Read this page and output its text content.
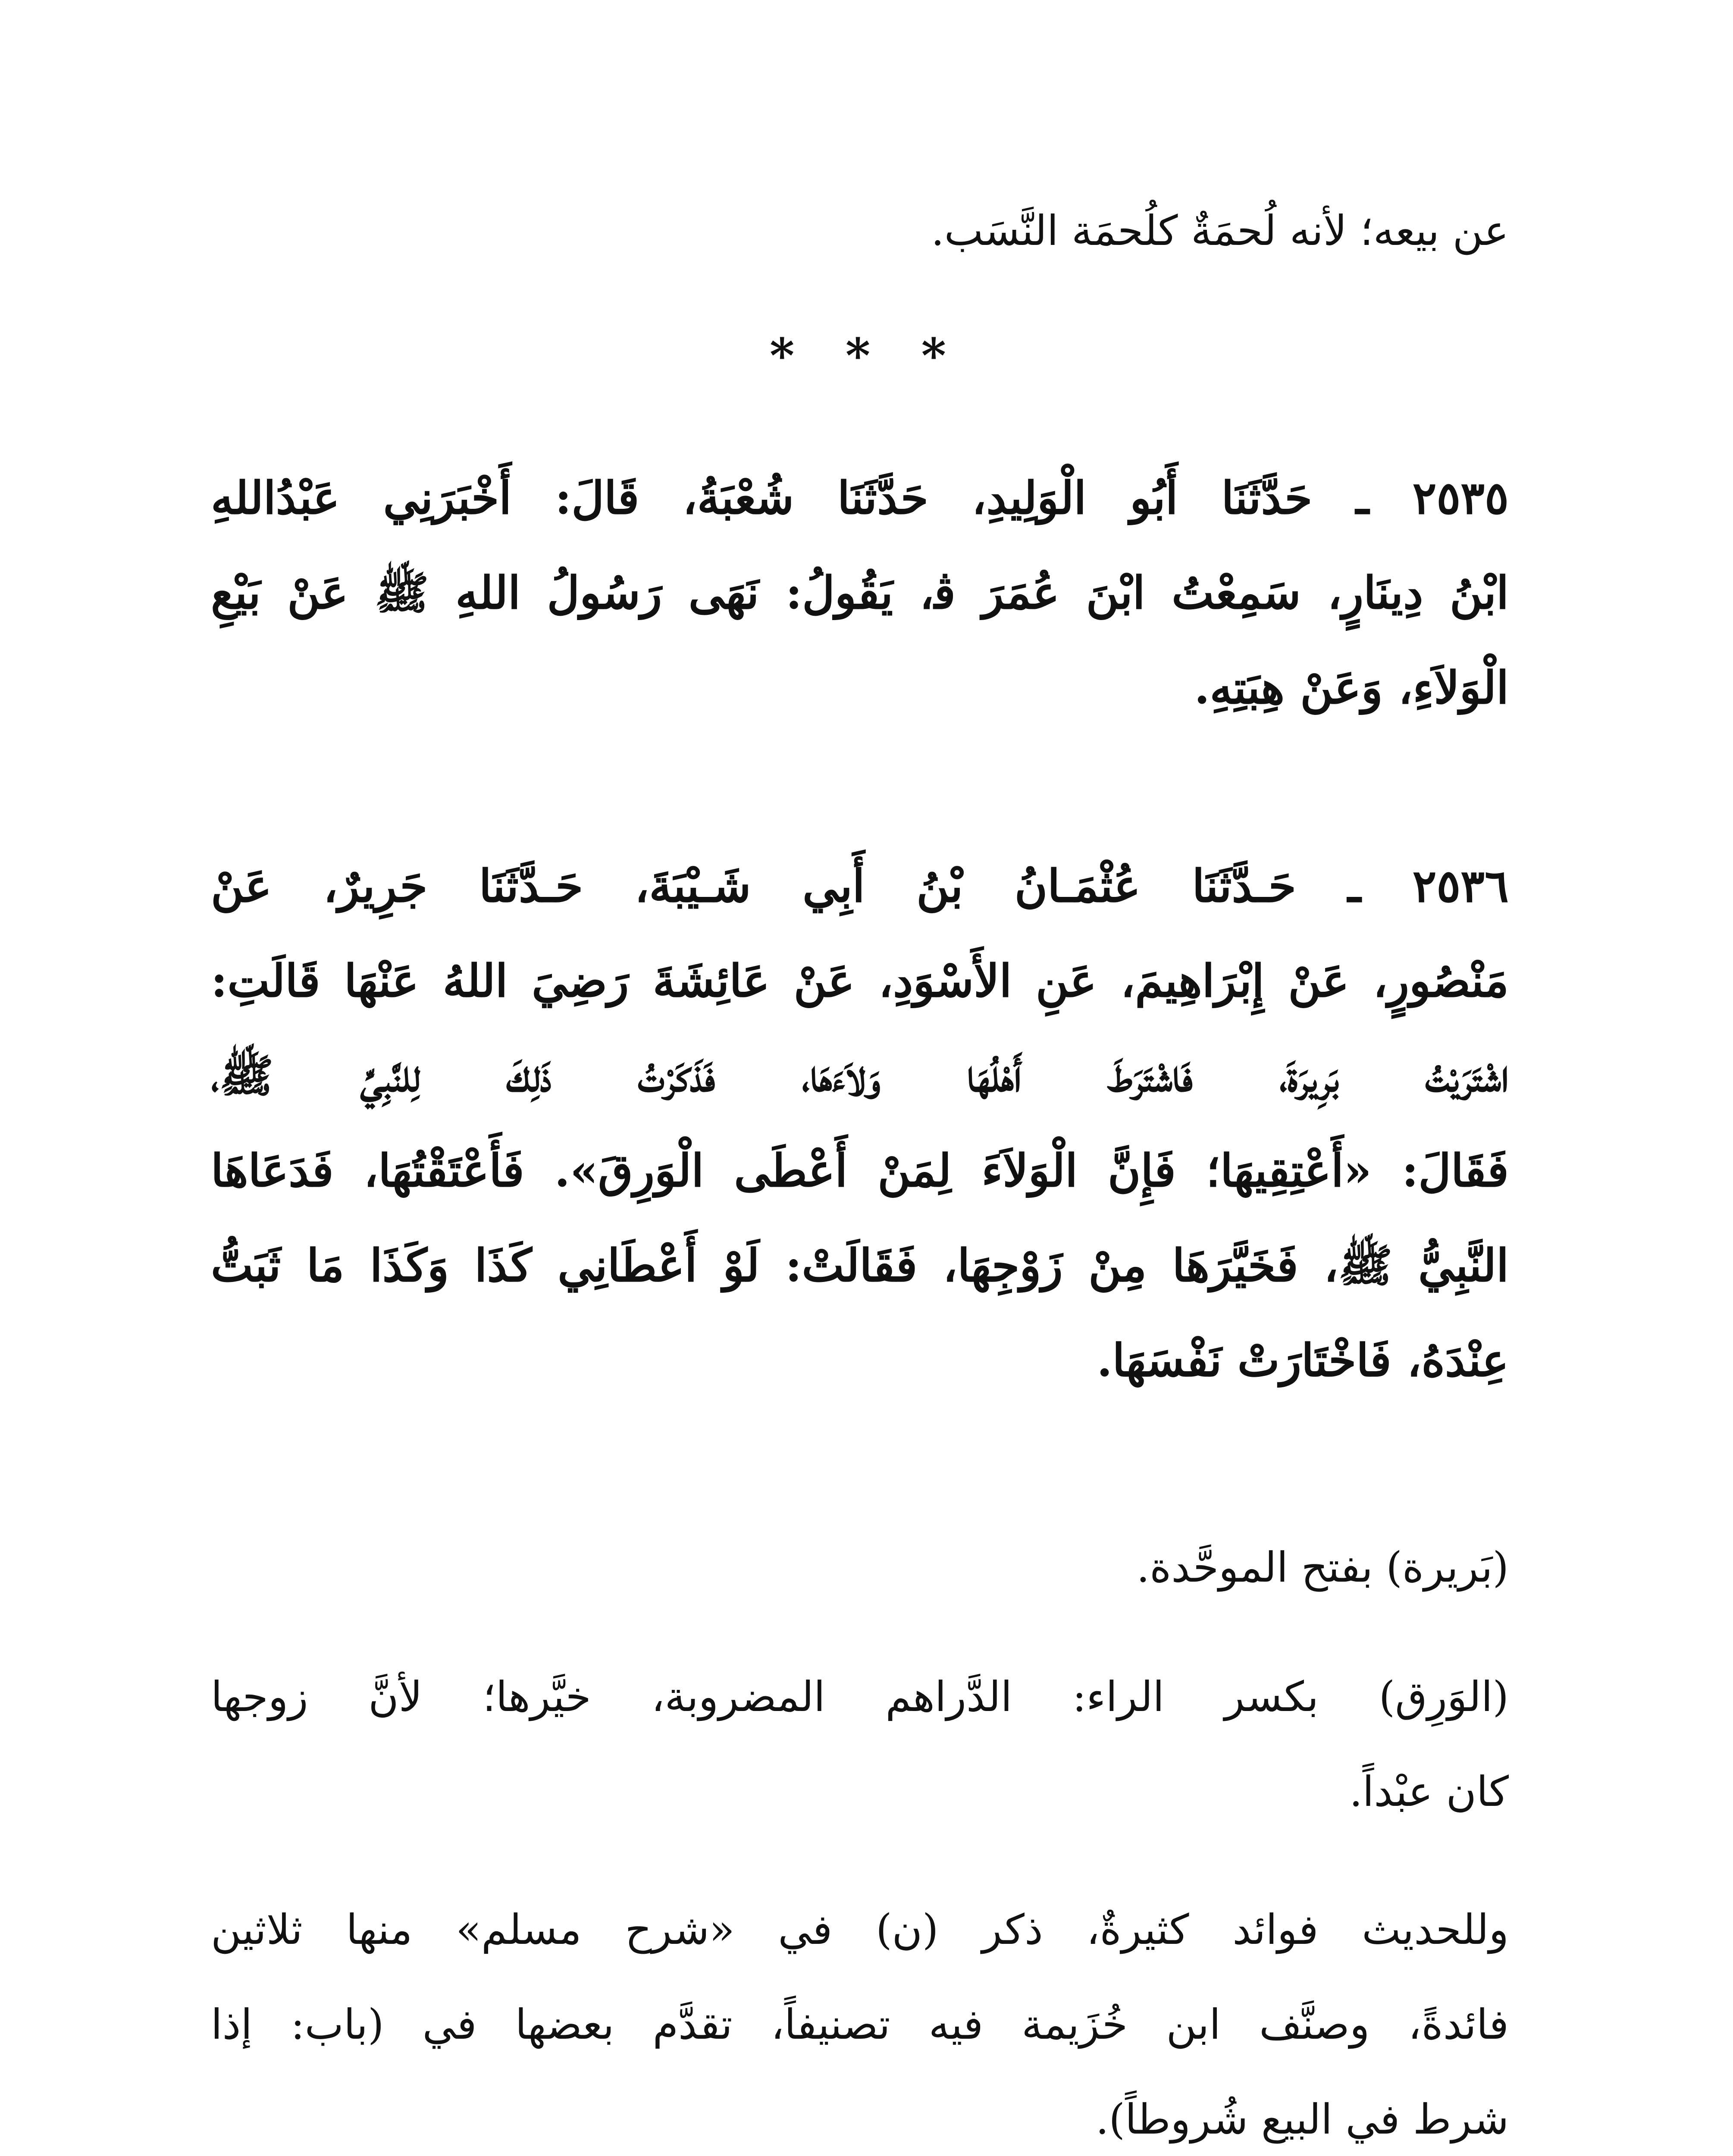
عن بيعه؛ لأنه لُحمَةٌ كلُحمَة النَّسَب.
* * *
٢٥٣٥ ـ حَدَّثَنَا أَبُو الْوَلِيدِ، حَدَّثَنَا شُعْبَةُ، قَالَ: أَخْبَرَنِي عَبْدُاللهِ
ابْنُ دِينَارٍ، سَمِعْتُ ابْنَ عُمَرَ ﭬ، يَقُولُ: نَهَى رَسُولُ اللهِ ﷺ عَنْ بَيْعِ
الْوَلاَءِ، وَعَنْ هِبَتِهِ.
٢٥٣٦ ـ حَـدَّثَنَا عُثْمَـانُ بْنُ أَبِي شَـيْبَةَ، حَـدَّثَنَا جَرِيرٌ، عَنْ
مَنْصُورٍ، عَنْ إِبْرَاهِيمَ، عَنِ الأَسْوَدِ، عَنْ عَائِشَةَ رَضِيَ اللهُ عَنْهَا قَالَتِ:
اشْتَرَيْتُ بَرِيرَةَ، فَاشْتَرَطَ أَهْلُهَا وَلاَءَهَا، فَذَكَرْتُ ذَلِكَ لِلنَّبِيِّ ﷺ،
فَقَالَ: «أَعْتِقِيهَا؛ فَإِنَّ الْوَلاَءَ لِمَنْ أَعْطَى الْوَرِقَ». فَأَعْتَقْتُهَا، فَدَعَاهَا
النَّبِيُّ ﷺ، فَخَيَّرَهَا مِنْ زَوْجِهَا، فَقَالَتْ: لَوْ أَعْطَانِي كَذَا وَكَذَا مَا ثَبَتُّ
عِنْدَهُ، فَاخْتَارَتْ نَفْسَهَا.
(بَريرة) بفتح الموحَّدة.
(الوَرِق) بكسر الراء: الدَّراهم المضروبة، خيَّرها؛ لأنَّ زوجها
كان عبْداً.
وللحديث فوائد كثيرةٌ، ذكر (ن) في «شرح مسلم» منها ثلاثين
فائدةً، وصنَّف ابن خُزَيمة فيه تصنيفاً، تقدَّم بعضها في (باب: إذا
شرط في البيع شُروطاً).
